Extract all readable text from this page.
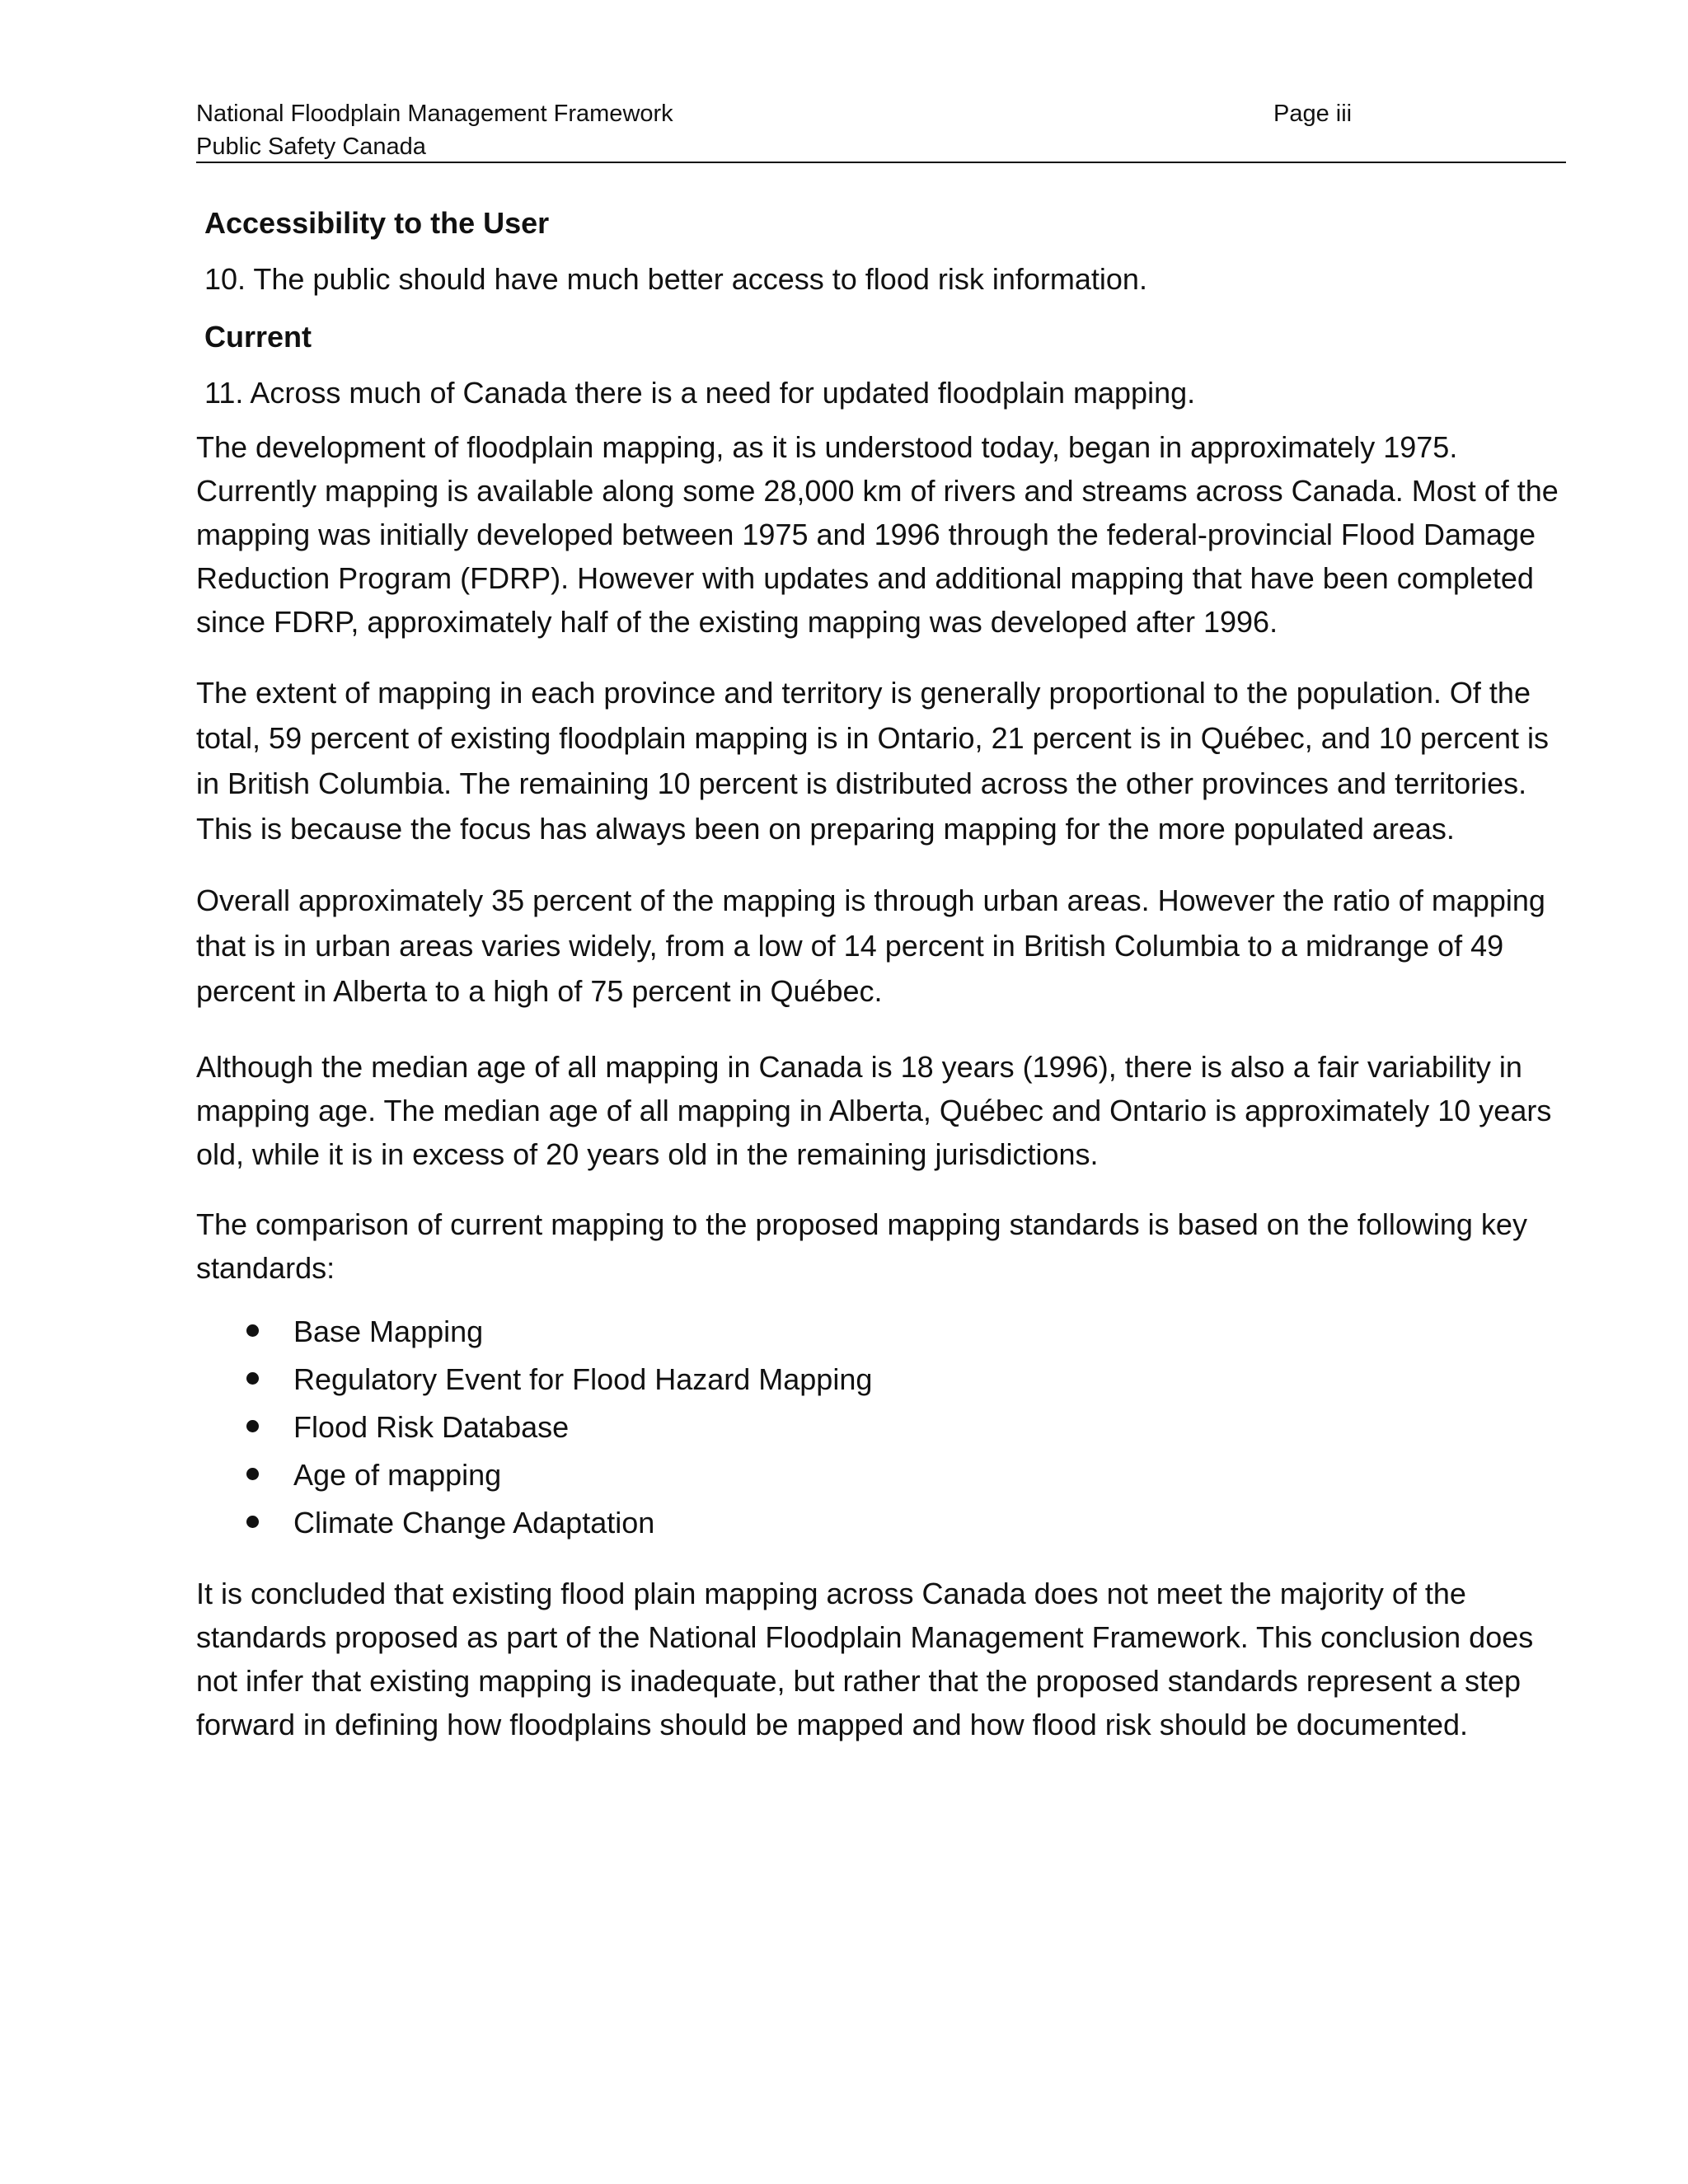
National Floodplain Management Framework
Public Safety Canada
Page iii
Accessibility to the User
10. The public should have much better access to flood risk information.
Current
11. Across much of Canada there is a need for updated floodplain mapping.

The development of floodplain mapping, as it is understood today, began in approximately 1975. Currently mapping is available along some 28,000 km of rivers and streams across Canada. Most of the mapping was initially developed between 1975 and 1996 through the federal-provincial Flood Damage Reduction Program (FDRP). However with updates and additional mapping that have been completed since FDRP, approximately half of the existing mapping was developed after 1996.

The extent of mapping in each province and territory is generally proportional to the population. Of the total, 59 percent of existing floodplain mapping is in Ontario, 21 percent is in Québec, and 10 percent is in British Columbia. The remaining 10 percent is distributed across the other provinces and territories. This is because the focus has always been on preparing mapping for the more populated areas.

Overall approximately 35 percent of the mapping is through urban areas. However the ratio of mapping that is in urban areas varies widely, from a low of 14 percent in British Columbia to a midrange of 49 percent in Alberta to a high of 75 percent in Québec.

Although the median age of all mapping in Canada is 18 years (1996), there is also a fair variability in mapping age. The median age of all mapping in Alberta, Québec and Ontario is approximately 10 years old, while it is in excess of 20 years old in the remaining jurisdictions.

The comparison of current mapping to the proposed mapping standards is based on the following key standards:

Base Mapping
Regulatory Event for Flood Hazard Mapping
Flood Risk Database
Age of mapping
Climate Change Adaptation

It is concluded that existing flood plain mapping across Canada does not meet the majority of the standards proposed as part of the National Floodplain Management Framework. This conclusion does not infer that existing mapping is inadequate, but rather that the proposed standards represent a step forward in defining how floodplains should be mapped and how flood risk should be documented.
